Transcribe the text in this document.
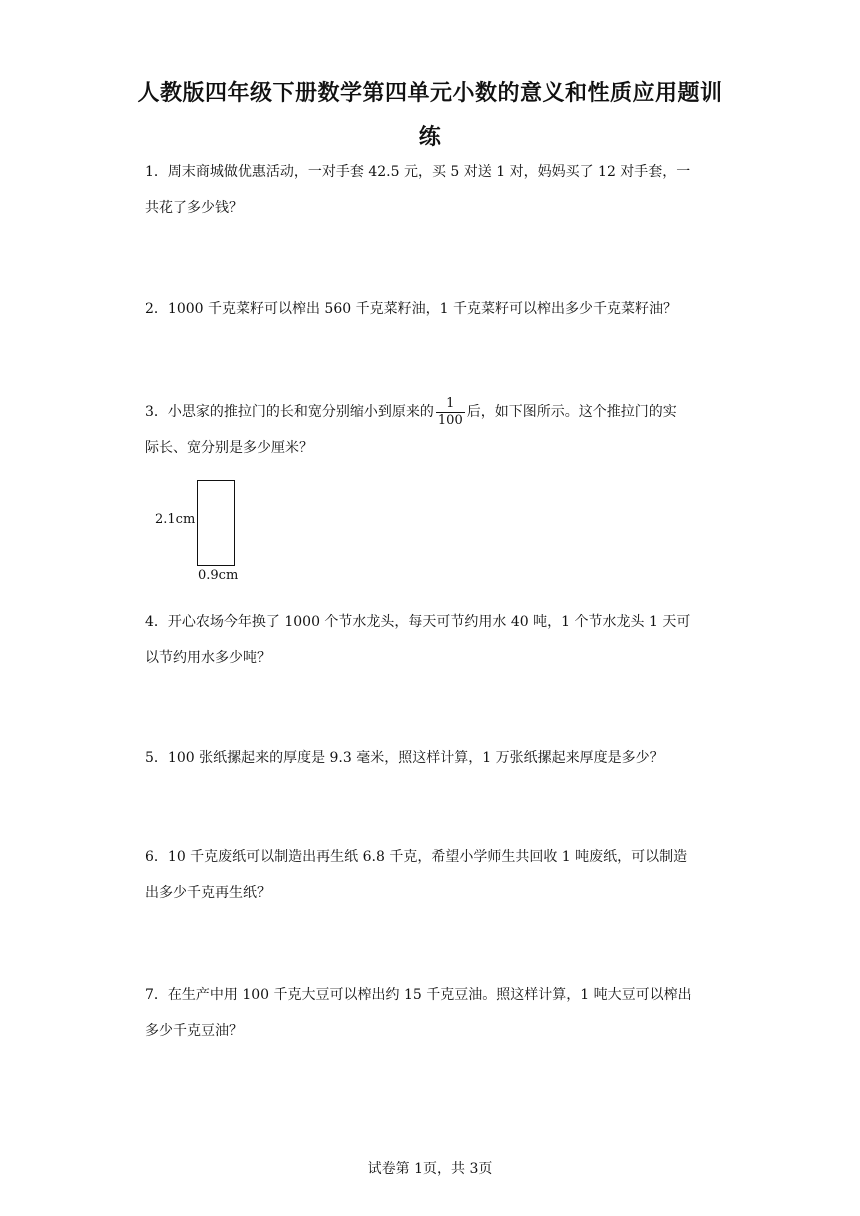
人教版四年级下册数学第四单元小数的意义和性质应用题训
练
1．周末商城做优惠活动，一对手套 42.5 元，买 5 对送 1 对，妈妈买了 12 对手套，一
共花了多少钱？
2．1000 千克菜籽可以榨出 560 千克菜籽油，1 千克菜籽可以榨出多少千克菜籽油？
3．小思家的推拉门的长和宽分别缩小到原来的 $\frac{1}{100}$ 后，如下图所示。这个推拉门的实
际长、宽分别是多少厘米？
2.1cm
0.9cm
4．开心农场今年换了 1000 个节水龙头，每天可节约用水 40 吨，1 个节水龙头 1 天可
以节约用水多少吨？
5．100 张纸摞起来的厚度是 9.3 毫米，照这样计算，1 万张纸摞起来厚度是多少？
6．10 千克废纸可以制造出再生纸 6.8 千克，希望小学师生共回收 1 吨废纸，可以制造
出多少千克再生纸？
7．在生产中用 100 千克大豆可以榨出约 15 千克豆油。照这样计算，1 吨大豆可以榨出
多少千克豆油？
试卷第 1页，共 3页
